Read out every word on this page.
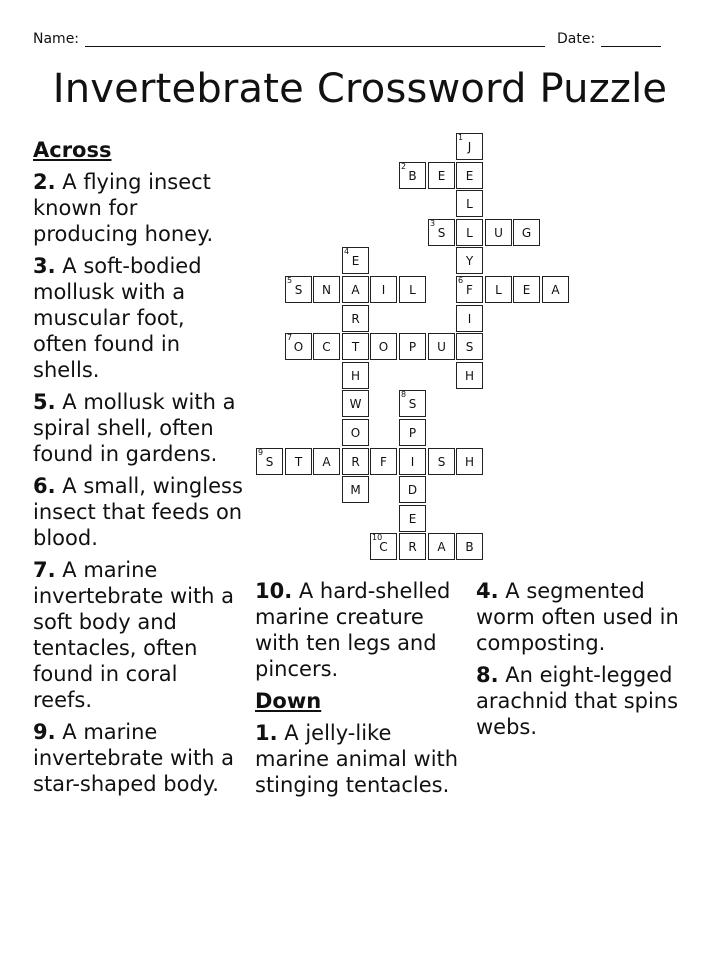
Name:	Date:
Invertebrate Crossword Puzzle
1
J
E
L
L
Y
6
F
I
S
H
2
B	E
3
S	U	G
4
E
A
R
T
H
W
O
R
M
5
S	N	I	L	L	E	A
7
O	C	O	P	U
8
S
P
I
D
E
R
9
S	T	A	F	S	H
10
C	A	B
Across
2. A flying insect known for producing honey.
3. A soft-bodied mollusk with a muscular foot, often found in shells.
5. A mollusk with a spiral shell, often found in gardens.
6. A small, wingless insect that feeds on blood.
7. A marine invertebrate with a soft body and tentacles, often found in coral reefs.
9. A marine invertebrate with a star-shaped body.
10. A hard-shelled marine creature with ten legs and pincers.
Down
1. A jelly-like marine animal with stinging tentacles.
4. A segmented worm often used in composting.
8. An eight-legged arachnid that spins webs.
